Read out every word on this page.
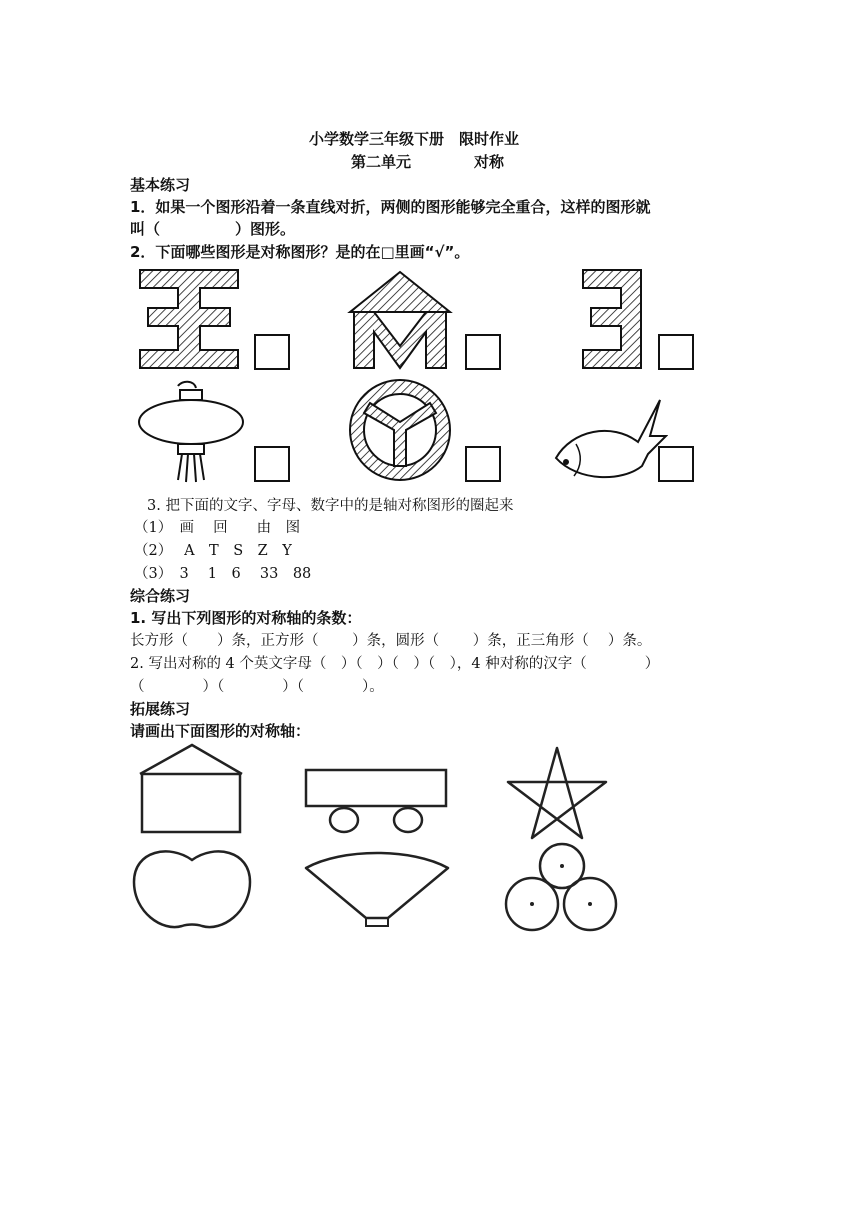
小学数学三年级下册　限时作业
第二单元	对称
基本练习
1．如果一个图形沿着一条直线对折，两侧的图形能够完全重合，这样的图形就
叫（　　　　　）图形。
2．下面哪些图形是对称图形？是的在□里画“√”。
3. 把下面的文字、字母、数字中的是轴对称图形的圈起来
（1）　画　 回　　由　图
（2）　 A　T　S　Z　Y
（3）　3　 1　6　 33　88
综合练习
1. 写出下列图形的对称轴的条数：
长方形（　　）条，正方形（　　 ）条，圆形（　　 ）条，正三角形（　 ）条。
2. 写出对称的 4 个英文字母（　）（　）（　）（　），4 种对称的汉字（　　　　）
（　　　　）（　　　　）（　　　　）。
拓展练习
请画出下面图形的对称轴：
